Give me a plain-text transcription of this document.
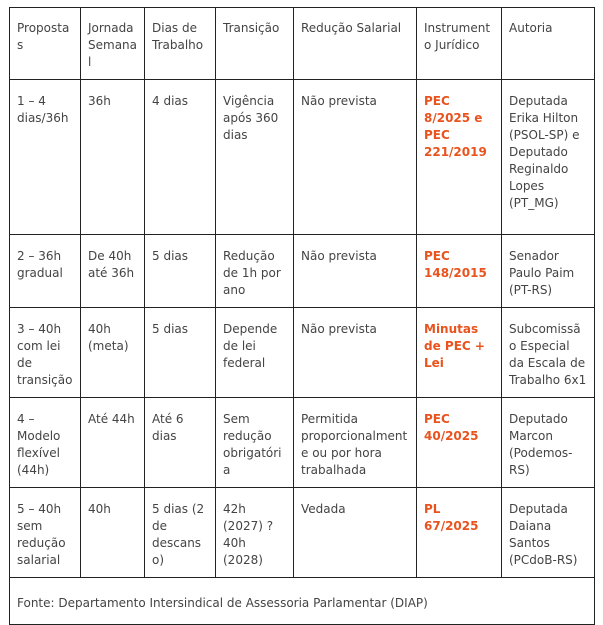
Propostas	Jornada Semanal	Dias de Trabalho	Transição	Redução Salarial	Instrumento Jurídico	Autoria
1 – 4 dias/36h	36h	4 dias	Vigência após 360 dias	Não prevista	PEC 8/2025 e PEC 221/2019	Deputada Erika Hilton (PSOL-SP) e Deputado Reginaldo Lopes (PT_MG)
2 – 36h gradual	De 40h até 36h	5 dias	Redução de 1h por ano	Não prevista	PEC 148/2015	Senador Paulo Paim (PT-RS)
3 – 40h com lei de transição	40h (meta)	5 dias	Depende de lei federal	Não prevista	Minutas de PEC + Lei	Subcomissão Especial da Escala de Trabalho 6x1
4 – Modelo flexível (44h)	Até 44h	Até 6 dias	Sem redução obrigatória	Permitida proporcionalmente ou por hora trabalhada	PEC 40/2025	Deputado Marcon (Podemos-RS)
5 – 40h sem redução salarial	40h	5 dias (2 de descanso)	42h (2027) ? 40h (2028)	Vedada	PL 67/2025	Deputada Daiana Santos (PCdoB-RS)
Fonte: Departamento Intersindical de Assessoria Parlamentar (DIAP)						
